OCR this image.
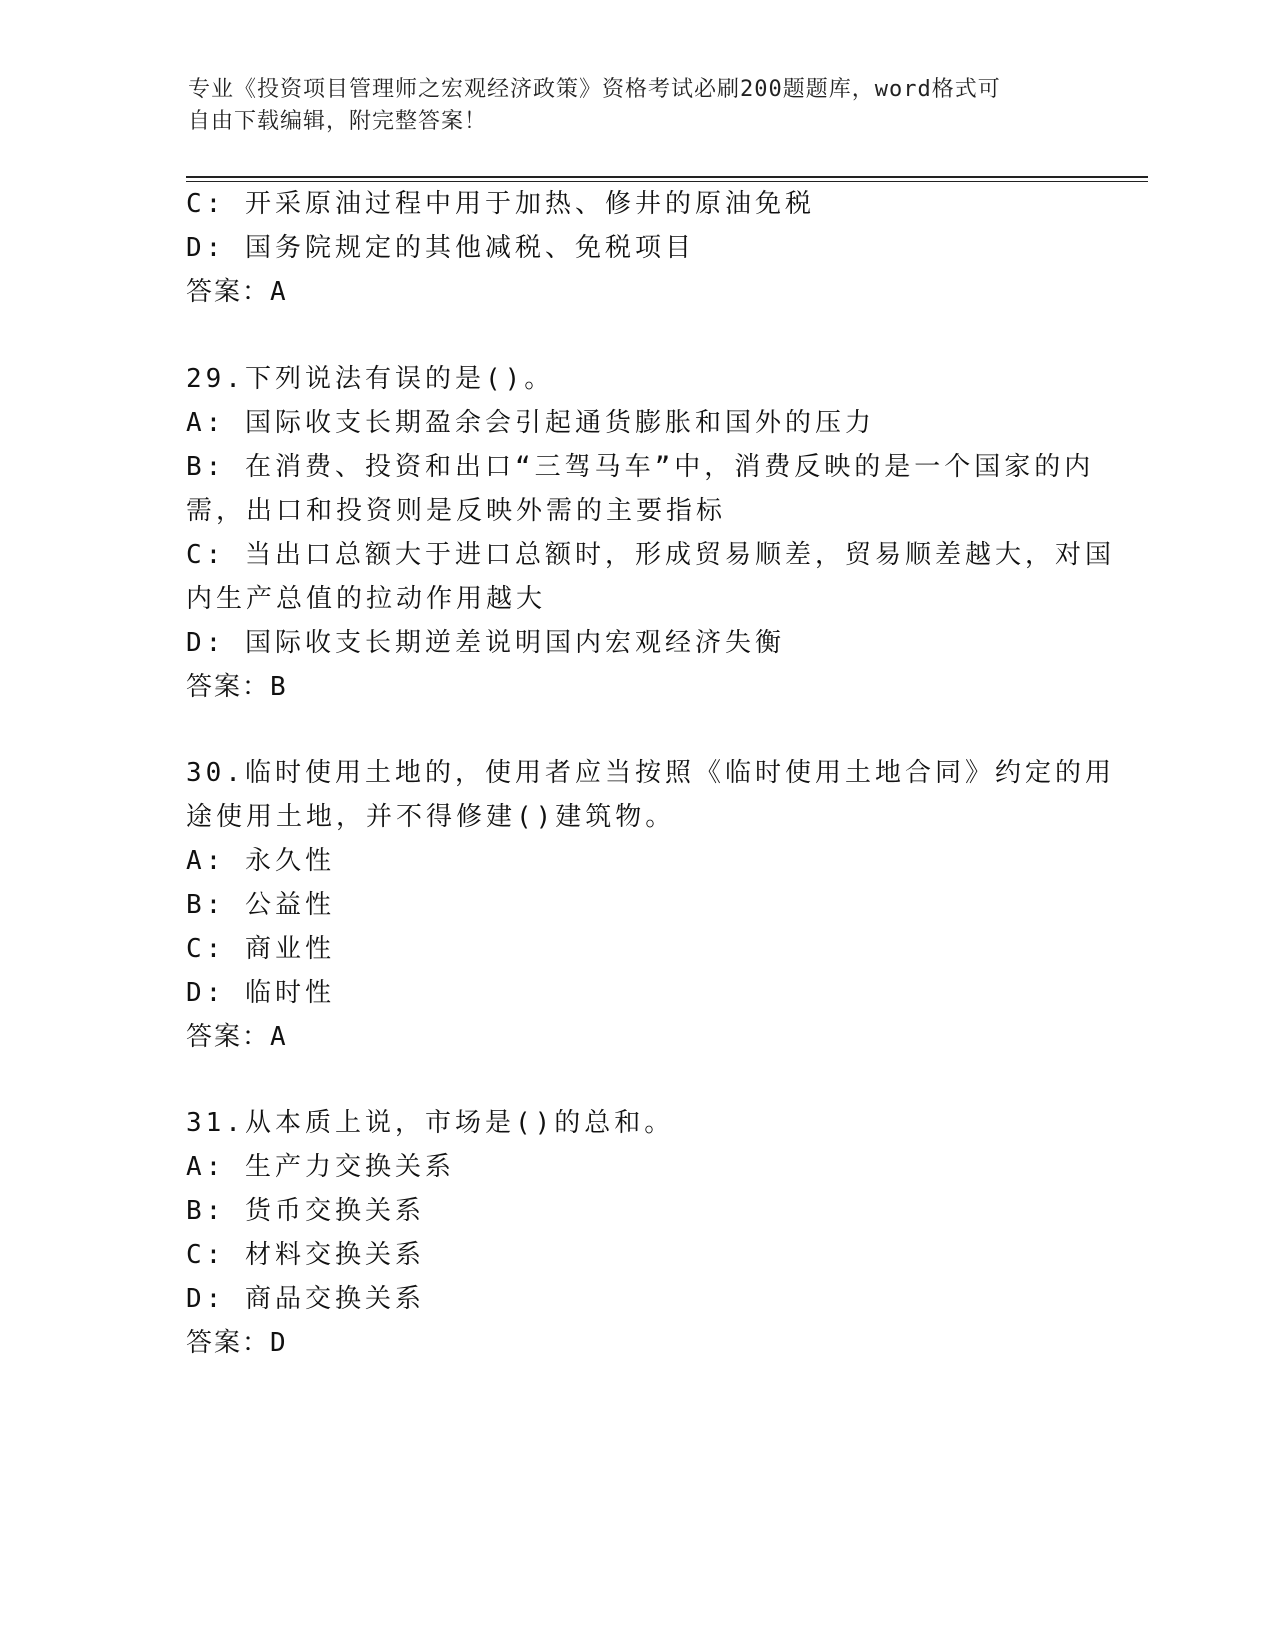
专业《投资项目管理师之宏观经济政策》资格考试必刷200题题库，word格式可
自由下载编辑，附完整答案！
C: 开采原油过程中用于加热、修井的原油免税
D: 国务院规定的其他减税、免税项目
答案：A
29.下列说法有误的是()。
A: 国际收支长期盈余会引起通货膨胀和国外的压力
B: 在消费、投资和出口“三驾马车”中，消费反映的是一个国家的内
需，出口和投资则是反映外需的主要指标
C: 当出口总额大于进口总额时，形成贸易顺差，贸易顺差越大，对国
内生产总值的拉动作用越大
D: 国际收支长期逆差说明国内宏观经济失衡
答案：B
30.临时使用土地的，使用者应当按照《临时使用土地合同》约定的用
途使用土地，并不得修建()建筑物。
A: 永久性
B: 公益性
C: 商业性
D: 临时性
答案：A
31.从本质上说，市场是()的总和。
A: 生产力交换关系
B: 货币交换关系
C: 材料交换关系
D: 商品交换关系
答案：D
